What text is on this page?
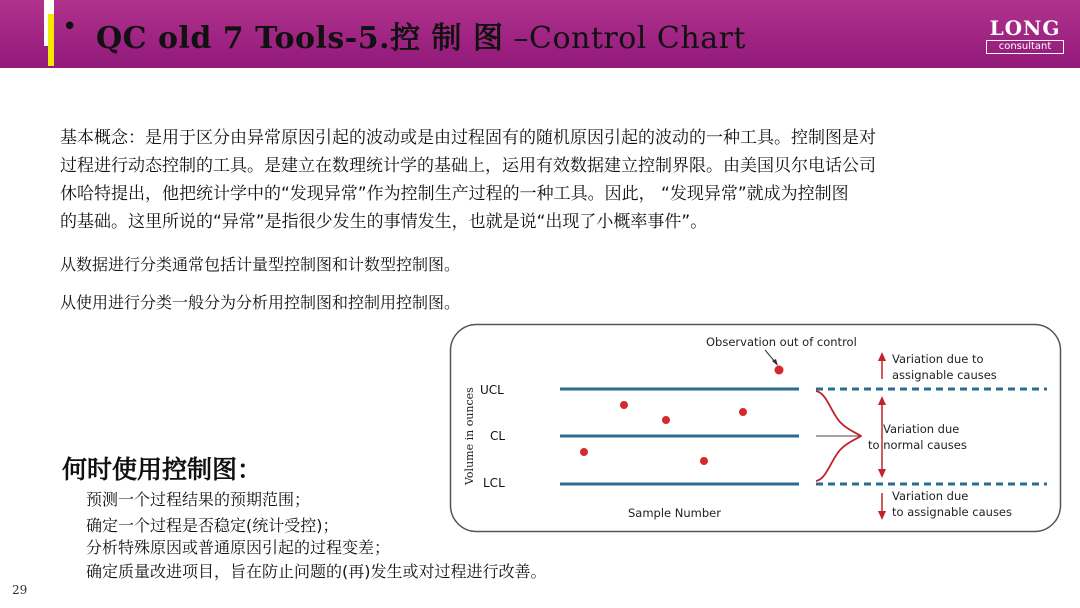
• QC old 7 Tools-5.控 制 图 –Control Chart	LONG
consultant

基本概念：是用于区分由异常原因引起的波动或是由过程固有的随机原因引起的波动的一种工具。控制图是对

过程进行动态控制的工具。是建立在数理统计学的基础上，运用有效数据建立控制界限。由美国贝尔电话公司

休哈特提出，他把统计学中的“发现异常”作为控制生产过程的一种工具。因此， “发现异常”就成为控制图

的基础。这里所说的“异常”是指很少发生的事情发生，也就是说“出现了小概率事件”。

从数据进行分类通常包括计量型控制图和计数型控制图。
从使用进行分类一般分为分析用控制图和控制用控制图。
Volume in ounces UCL
CL
LCL
Observation out of control
Variation due to
assignable causes
Variation due
to normal causes
Variation due
to assignable causes
Sample Number
何时使用控制图：
预测一个过程结果的预期范围；
确定一个过程是否稳定(统计受控)；
分析特殊原因或普通原因引起的过程变差；
确定质量改进项目，旨在防止问题的(再)发生或对过程进行改善。
29
